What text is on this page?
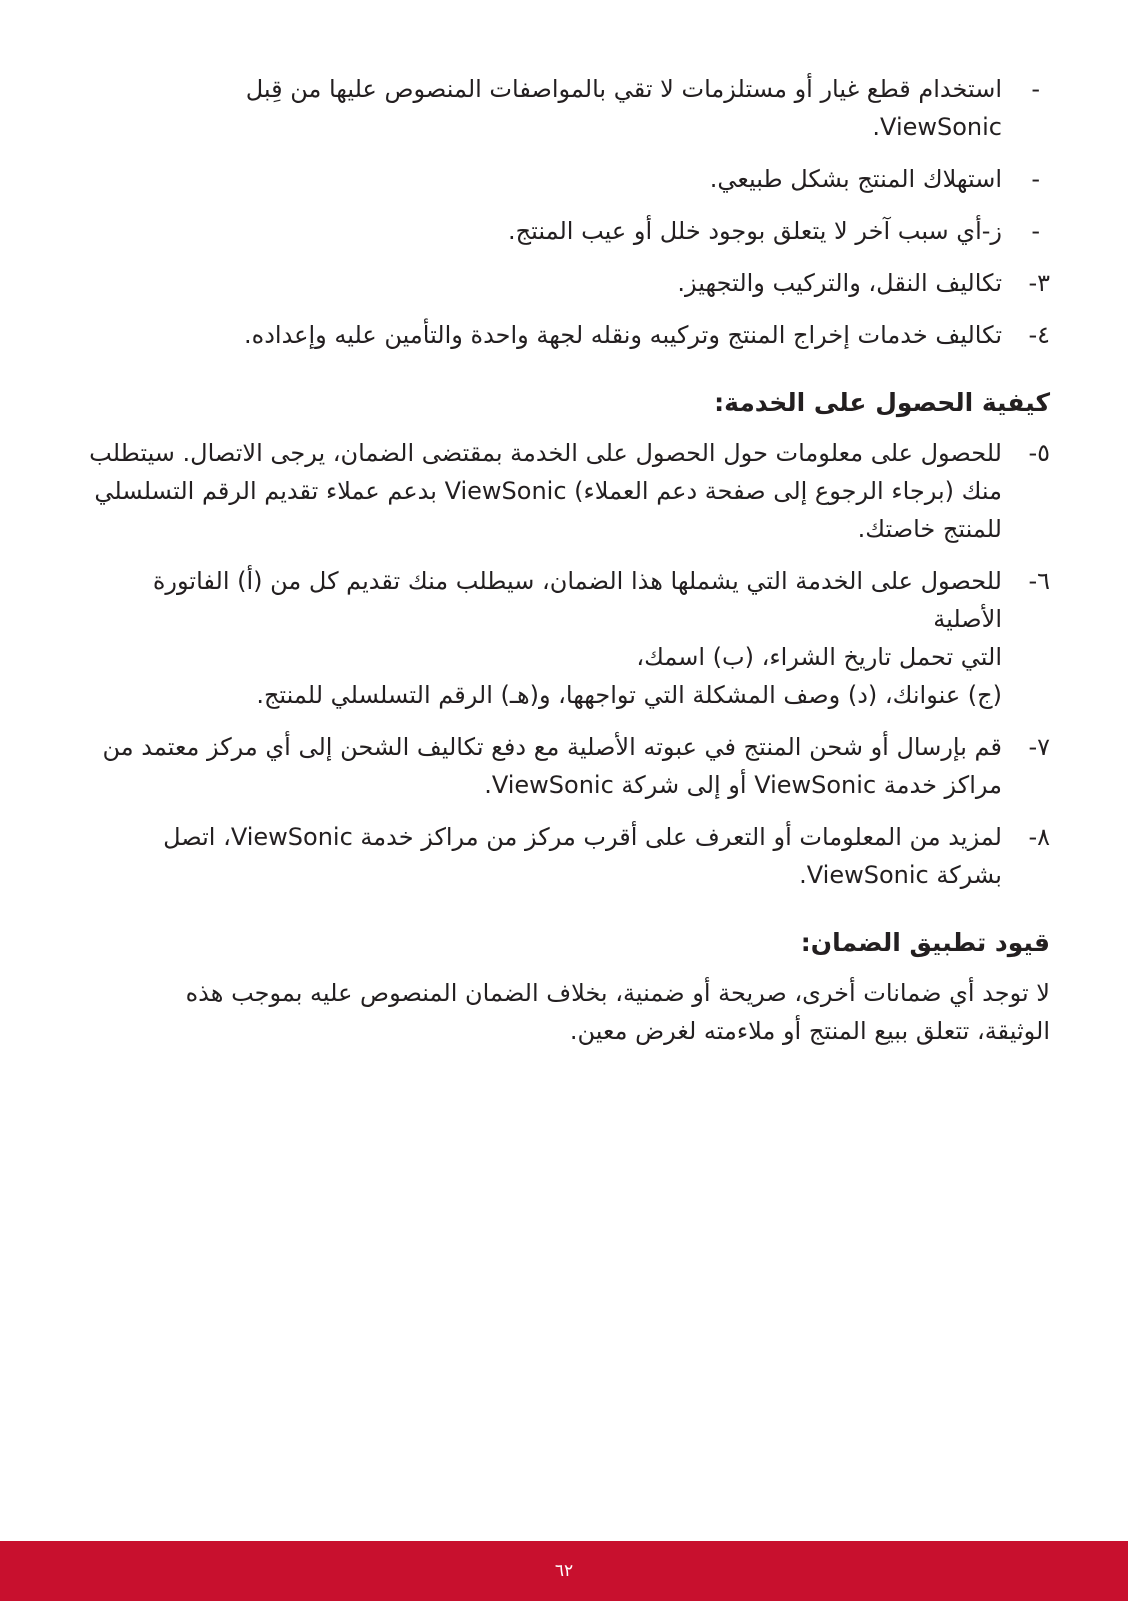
-
استخدام قطع غيار أو مستلزمات لا تقي بالمواصفات المنصوص عليها من قِبل
ViewSonic.
-
استهلاك المنتج بشكل طبيعي.
-
ز-أي سبب آخر لا يتعلق بوجود خلل أو عيب المنتج.
٣-
تكاليف النقل، والتركيب والتجهيز.
٤-
تكاليف خدمات إخراج المنتج وتركيبه ونقله لجهة واحدة والتأمين عليه وإعداده.
كيفية الحصول على الخدمة:
٥-
للحصول على معلومات حول الحصول على الخدمة بمقتضى الضمان، يرجى الاتصال. سيتطلب
منك (برجاء الرجوع إلى صفحة دعم العملاء) ViewSonic بدعم عملاء تقديم الرقم التسلسلي
للمنتج خاصتك.
٦-
للحصول على الخدمة التي يشملها هذا الضمان، سيطلب منك تقديم كل من (أ) الفاتورة الأصلية
التي تحمل تاريخ الشراء، (ب) اسمك،
(ج) عنوانك، (د) وصف المشكلة التي تواجهها، و(هـ) الرقم التسلسلي للمنتج.
٧-
قم بإرسال أو شحن المنتج في عبوته الأصلية مع دفع تكاليف الشحن إلى أي مركز معتمد من
مراكز خدمة ViewSonic أو إلى شركة ViewSonic.
٨-
لمزيد من المعلومات أو التعرف على أقرب مركز من مراكز خدمة ViewSonic، اتصل
بشركة ViewSonic.
قيود تطبيق الضمان:
لا توجد أي ضمانات أخرى، صريحة أو ضمنية، بخلاف الضمان المنصوص عليه بموجب هذه
الوثيقة، تتعلق ببيع المنتج أو ملاءمته لغرض معين.
٦٢
